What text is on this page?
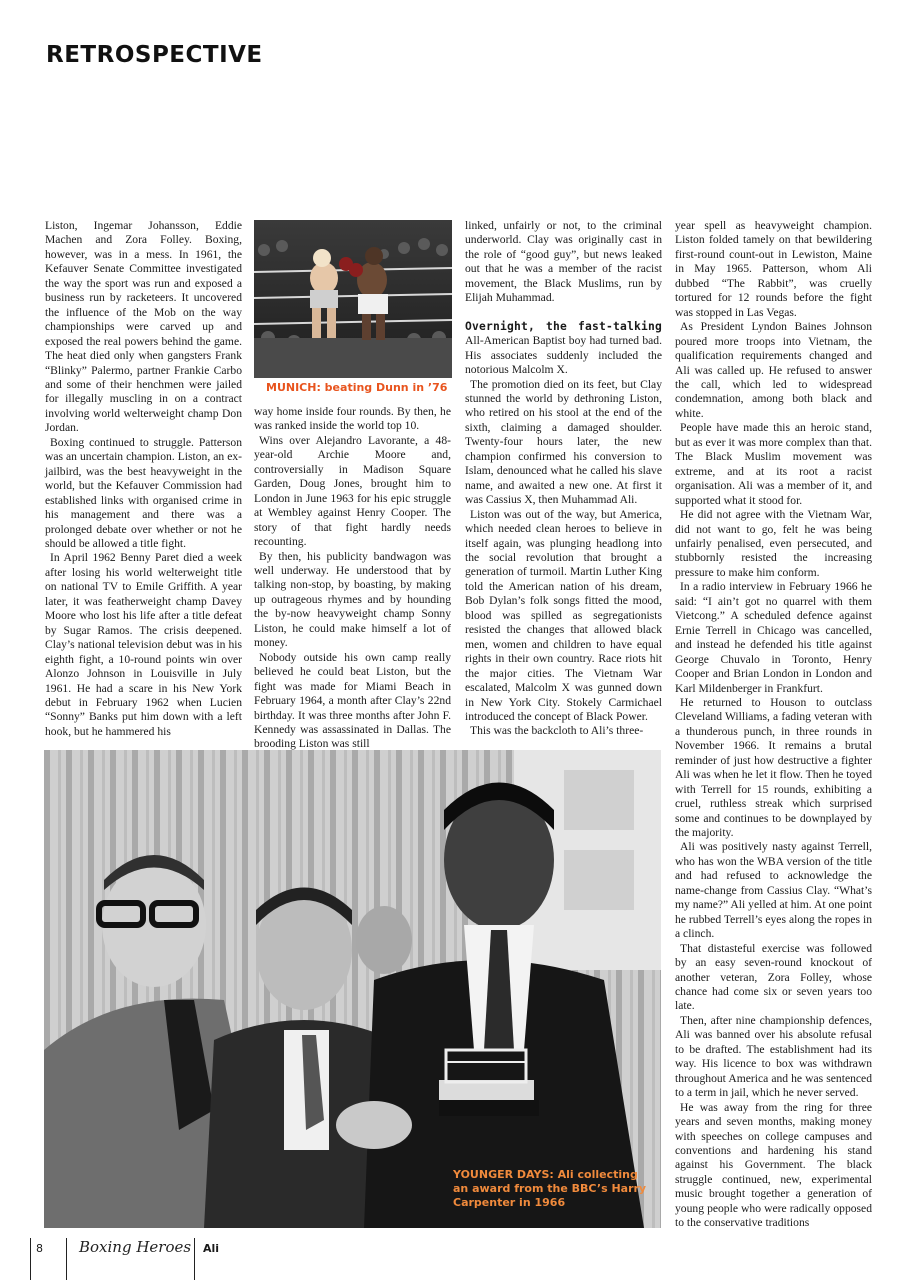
RETROSPECTIVE

Liston, Ingemar Johansson, Eddie Machen and Zora Folley. Boxing, however, was in a mess. In 1961, the Kefauver Senate Committee investigated the way the sport was run and exposed a business run by racketeers. It uncovered the influence of the Mob on the way championships were carved up and exposed the real powers behind the game. The heat died only when gangsters Frank “Blinky” Palermo, partner Frankie Carbo and some of their henchmen were jailed for illegally muscling in on a contract involving world welterweight champ Don Jordan.

Boxing continued to struggle. Patterson was an uncertain champion. Liston, an ex-jailbird, was the best heavyweight in the world, but the Kefauver Commission had established links with organised crime in his management and there was a prolonged debate over whether or not he should be allowed a title fight.

In April 1962 Benny Paret died a week after losing his world welterweight title on national TV to Emile Griffith. A year later, it was featherweight champ Davey Moore who lost his life after a title defeat by Sugar Ramos. The crisis deepened. Clay’s national television debut was in his eighth fight, a 10-round points win over Alonzo Johnson in Louisville in July 1961. He had a scare in his New York debut in February 1962 when Lucien “Sonny” Banks put him down with a left hook, but he hammered his

MUNICH: beating Dunn in ’76

way home inside four rounds. By then, he was ranked inside the world top 10.

Wins over Alejandro Lavorante, a 48-year-old Archie Moore and, controversially in Madison Square Garden, Doug Jones, brought him to London in June 1963 for his epic struggle at Wembley against Henry Cooper. The story of that fight hardly needs recounting.

By then, his publicity bandwagon was well underway. He understood that by talking non-stop, by boasting, by making up outrageous rhymes and by hounding the by-now heavyweight champ Sonny Liston, he could make himself a lot of money.

Nobody outside his own camp really believed he could beat Liston, but the fight was made for Miami Beach in February 1964, a month after Clay’s 22nd birthday. It was three months after John F. Kennedy was assassinated in Dallas. The brooding Liston was still

linked, unfairly or not, to the criminal underworld. Clay was originally cast in the role of “good guy”, but news leaked out that he was a member of the racist movement, the Black Muslims, run by Elijah Muhammad.

Overnight, the fast-talking All-American Baptist boy had turned bad. His associates suddenly included the notorious Malcolm X.

The promotion died on its feet, but Clay stunned the world by dethroning Liston, who retired on his stool at the end of the sixth, claiming a damaged shoulder. Twenty-four hours later, the new champion confirmed his conversion to Islam, denounced what he called his slave name, and awaited a new one. At first it was Cassius X, then Muhammad Ali.

Liston was out of the way, but America, which needed clean heroes to believe in itself again, was plunging headlong into the social revolution that brought a generation of turmoil. Martin Luther King told the American nation of his dream, Bob Dylan’s folk songs fitted the mood, blood was spilled as segregationists resisted the changes that allowed black men, women and children to have equal rights in their own country. Race riots hit the major cities. The Vietnam War escalated, Malcolm X was gunned down in New York City. Stokely Carmichael introduced the concept of Black Power.

This was the backcloth to Ali’s three-

year spell as heavyweight champion. Liston folded tamely on that bewildering first-round count-out in Lewiston, Maine in May 1965. Patterson, whom Ali dubbed “The Rabbit”, was cruelly tortured for 12 rounds before the fight was stopped in Las Vegas.

As President Lyndon Baines Johnson poured more troops into Vietnam, the qualification requirements changed and Ali was called up. He refused to answer the call, which led to widespread condemnation, among both black and white.

People have made this an heroic stand, but as ever it was more complex than that. The Black Muslim movement was extreme, and at its root a racist organisation. Ali was a member of it, and supported what it stood for.

He did not agree with the Vietnam War, did not want to go, felt he was being unfairly penalised, even persecuted, and stubbornly resisted the increasing pressure to make him conform.

In a radio interview in February 1966 he said: “I ain’t got no quarrel with them Vietcong.” A scheduled defence against Ernie Terrell in Chicago was cancelled, and instead he defended his title against George Chuvalo in Toronto, Henry Cooper and Brian London in London and Karl Mildenberger in Frankfurt.

He returned to Houson to outclass Cleveland Williams, a fading veteran with a thunderous punch, in three rounds in November 1966. It remains a brutal reminder of just how destructive a fighter Ali was when he let it flow. Then he toyed with Terrell for 15 rounds, exhibiting a cruel, ruthless streak which surprised some and continues to be downplayed by the majority.

Ali was positively nasty against Terrell, who has won the WBA version of the title and had refused to acknowledge the name-change from Cassius Clay. “What’s my name?” Ali yelled at him. At one point he rubbed Terrell’s eyes along the ropes in a clinch.

That distasteful exercise was followed by an easy seven-round knockout of another veteran, Zora Folley, whose chance had come six or seven years too late.

Then, after nine championship defences, Ali was banned over his absolute refusal to be drafted. The establishment had its way. His licence to box was withdrawn throughout America and he was sentenced to a term in jail, which he never served.

He was away from the ring for three years and seven months, making money with speeches on college campuses and conventions and hardening his stand against his Government. The black struggle continued, new, experimental music brought together a generation of young people who were radically opposed to the conservative traditions

YOUNGER DAYS: Ali collecting an award from the BBC’s Harry Carpenter in 1966
8 Boxing Heroes Ali
